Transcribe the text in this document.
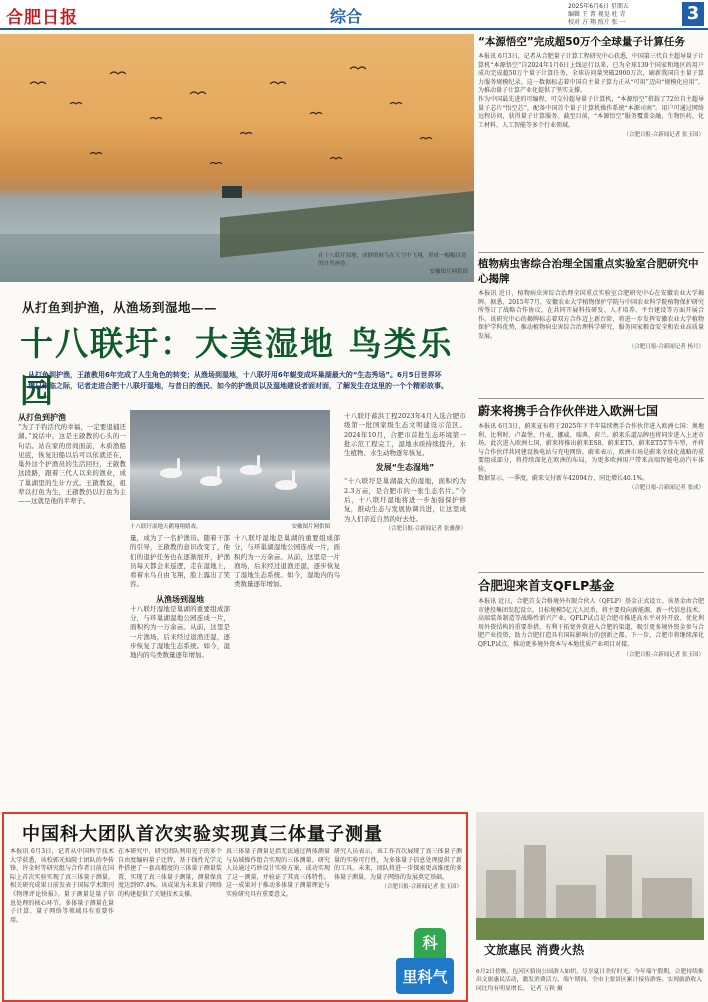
合肥日报	综合
2025年6月6日 星期五
编辑 王 菁 视觉 杜 青
校对 方 翔 照片 张 一	3
在十八联圩湿地，成群的候鸟在天空中飞翔，形成一幅幅诗意的自然画卷。
安徽图片网供图
从打鱼到护渔，从渔场到湿地——
十八联圩：大美湿地 鸟类乐园
从打鱼到护渔，王啟教用6年完成了人生角色的转变；从渔场到湿地，十八联圩用6年蜕变成环巢湖最大的“生态秀场”。6月5日世界环境日来临之际，记者走进合肥十八联圩湿地，与昔日的渔民、如今的护渔员以及湿地建设者面对面，了解发生在这里的一个个精彩故事。
从打鱼到护渔
“为了手钓活代的幸福，一定要退捕还湖。”说话中，这是王啟教的心头的一句话。站在家的房间面前，木质渔船见底，恢复旧船以后可以依就还在，巢外这个护渔员的生活回归，王啟教这段路，跟着三代人以来的渔业，成了巢湖里的生计方式。王啟教说，祖辈以打鱼为生，王啟教仍以打鱼为主——这就是他的半辈子。
十八联圩湿地天鹅翔翔嬉戏。	安徽图片网供图
量，成为了一名护渔员。随着干部的引导，王啟教的意识改变了，他们的退护任务也在逐渐展开，护渔员每天都会来巡逻，走在湿地上，看着水鸟自由飞翔，脸上露出了笑容。
从渔场到湿地
十八联圩湿地是巢湖的重要组成部分，与环巢湖湿地公园连成一片，面积约为一万余亩。从前，这里是一片渔场，后来经过退渔还湿，逐步恢复了湿地生态系统。如今，湿地内的鸟类数量逐年增加。
十八联圩湿地是巢湖的重要组成部分，与环巢湖湿地公园连成一片，面积约为一万余亩。从前，这里是一片渔场，后来经过退渔还湿，逐步恢复了湿地生态系统。如今，湿地内的鸟类数量逐年增加。
十八联圩蓄洪工程2023年4月入选合肥市级第一批国家级生态文明建设示范区。2024年10月，合肥市首批生态环境第一批示范工程完工，湿地水质持续提升，水生植物、水生动物逐年恢复。
发展“生态湿地”
“十八联圩是巢湖最大的湿地，面积约为2.3万亩，是合肥市的一张生态名片。”今后，十八联圩湿地将进一步加强保护修复，推动生态与发展协调共进，让这里成为人们亲近自然的好去处。
（合肥日报-合新闻记者 张雅静）
“本源悟空”完成超50万个全球量子计算任务
本报讯 6月3日，记者从合肥量子计算工程研究中心获悉，中国第三代自主超导量子计算机“本源悟空”自2024年1月6日上线运行以来，已为全球139个国家和地区的用户成功完成超50万个量子计算任务，全球访问量突破2900万次，刷新我国自主量子算力服务规模纪录。这一数据标志着中国自主量子算力正从“可用”迈向“规模化应用”，为推动量子计算产业化提供了坚实支撑。
作为中国最先进的可编程、可交付超导量子计算机，“本源悟空”搭载了72位自主超导量子芯片“悟空芯”，配备中国首个量子计算机操作系统“本源司南”。用户可通过网络远程访问，获得量子计算服务。截至目前，“本源悟空”服务覆盖金融、生物医药、化工材料、人工智能等多个行业领域。
（合肥日报-合新闻记者 张玉国）
植物病虫害综合治理全国重点实验室合肥研究中心揭牌
本报讯 近日，植物病虫害综合治理全国重点实验室合肥研究中心在安徽农业大学揭牌。据悉，2015年7月，安徽农业大学植物保护学院与中国农业科学院植物保护研究所签订了战略合作协议，在共同开展科技研发、人才培养、平台建设等方面开展合作。该研究中心的揭牌标志着双方合作迈上新台阶，将进一步发挥安徽农业大学植物保护学科优势，推动植物病虫害综合治理科学研究，服务国家粮食安全和农业高质量发展。
（合肥日报-合新闻记者 杨月）
蔚来将携手合作伙伴进入欧洲七国
本报讯 6月3日，蔚来宣布将于2025年下半年陆续携手合作伙伴进入欧洲七国：奥地利、比利时、卢森堡、丹麦、挪威、瑞典、荷兰。蔚来乐道品牌也将同步进入上述市场。此次进入欧洲七国，蔚来将推出蔚来ES8、蔚来ET5、蔚来ET5T等车型，并将与合作伙伴共同建设换电站与充电网络。蔚来表示，欧洲市场是蔚来全球化战略的重要组成部分，将持续深化在欧洲的布局，为更多欧洲用户带来高端智能电动汽车体验。
数据显示，一季度，蔚来交付新车42094台，同比增长40.1%。
（合肥日报-合新闻记者 张成）
合肥迎来首支QFLP基金
本报讯 近日，合肥首支合格境外有限合伙人（QFLP）基金正式设立。该基金由合肥市建投集团发起设立，目标规模5亿元人民币，将主要投向新能源、新一代信息技术、高端装备制造等战略性新兴产业。QFLP试点是合肥市推进高水平对外开放、优化利用外资结构的重要举措，有利于拓宽外资进入合肥的渠道，吸引更多境外资金参与合肥产业投资，助力合肥打造具有国际影响力的创新之都。下一步，合肥市将继续深化QFLP试点，推动更多境外资本与本地优质产业项目对接。
（合肥日报-合新闻记者 张玉国）
中国科大团队首次实验实现真三体量子测量
本报讯 6月3日，记者从中国科学技术大学获悉，该校郭光灿院士团队的李传锋、许金时等研究组与合作者日前在国际上首次实验实现了真三体量子测量。相关研究成果日前发表于国际学术期刊《物理评论快报》。量子测量是量子信息处理的核心环节，多体量子测量在量子计算、量子网络等领域具有重要作用。
在本研究中，研究团队利用光子的多个自由度编码量子比特，基于线性光学元件搭建了一套高精度的三体量子测量装置，实现了真三体量子测量，测量保真度达到97.4%。该成果为未来量子网络的构建提供了关键技术支撑。
真三体量子测量是指无法通过两体测量与局域操作组合实现的三体测量。研究人员通过巧妙设计实验方案，成功实现了这一测量，并验证了其真三体特性。这一成果对于推动多体量子测量理论与实验研究具有重要意义。
研究人员表示，该工作首次展现了真三体量子测量的实验可行性，为多体量子信息处理提供了新的工具。未来，团队将进一步探索更高维度的多体量子测量，为量子网络的发展奠定基础。
（合肥日报-合新闻记者 张玉国）
科
里科气
文旅惠民 消费火热
6月2日傍晚，包河区骆岗公园游人如织，尽享夏日美好时光。今年端午假期，合肥持续推出文旅惠民活动，激发消费活力。端午期间，全市主要景区累计接待游客、实现旅游收入同比均有明显增长。 记者 万秋 摄
